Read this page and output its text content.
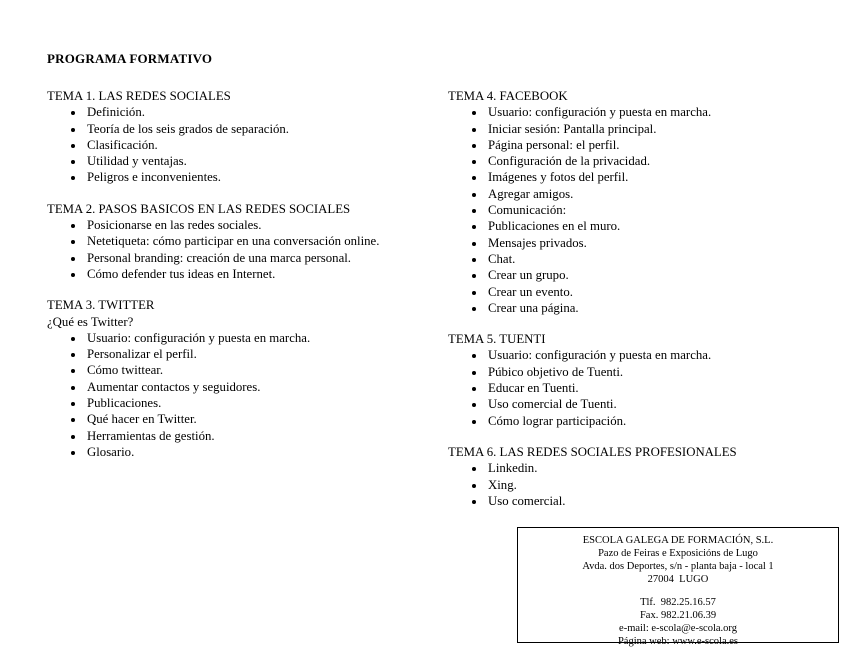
PROGRAMA FORMATIVO
TEMA 1. LAS REDES SOCIALES
• Definición.
• Teoría de los seis grados de separación.
• Clasificación.
• Utilidad y ventajas.
• Peligros e inconvenientes.
TEMA 2. PASOS BASICOS EN LAS REDES SOCIALES
• Posicionarse en las redes sociales.
• Netetiqueta: cómo participar en una conversación online.
• Personal branding: creación de una marca personal.
• Cómo defender tus ideas en Internet.
TEMA 3. TWITTER
¿Qué es Twitter?
• Usuario: configuración y puesta en marcha.
• Personalizar el perfil.
• Cómo twittear.
• Aumentar contactos y seguidores.
• Publicaciones.
• Qué hacer en Twitter.
• Herramientas de gestión.
• Glosario.
TEMA 4. FACEBOOK
• Usuario: configuración y puesta en marcha.
• Iniciar sesión: Pantalla principal.
• Página personal: el perfil.
• Configuración de la privacidad.
• Imágenes y fotos del perfil.
• Agregar amigos.
• Comunicación:
• Publicaciones en el muro.
• Mensajes privados.
• Chat.
• Crear un grupo.
• Crear un evento.
• Crear una página.
TEMA 5. TUENTI
• Usuario: configuración y puesta en marcha.
• Púbico objetivo de Tuenti.
• Educar en Tuenti.
• Uso comercial de Tuenti.
• Cómo lograr participación.
TEMA 6. LAS REDES SOCIALES PROFESIONALES
• Linkedin.
• Xing.
• Uso comercial.
ESCOLA GALEGA DE FORMACIÓN, S.L.
Pazo de Feiras e Exposicións de Lugo
Avda. dos Deportes, s/n - planta baja - local 1
27004  LUGO
Tlf.  982.25.16.57
Fax. 982.21.06.39
e-mail: e-scola@e-scola.org
Página web: www.e-scola.es
